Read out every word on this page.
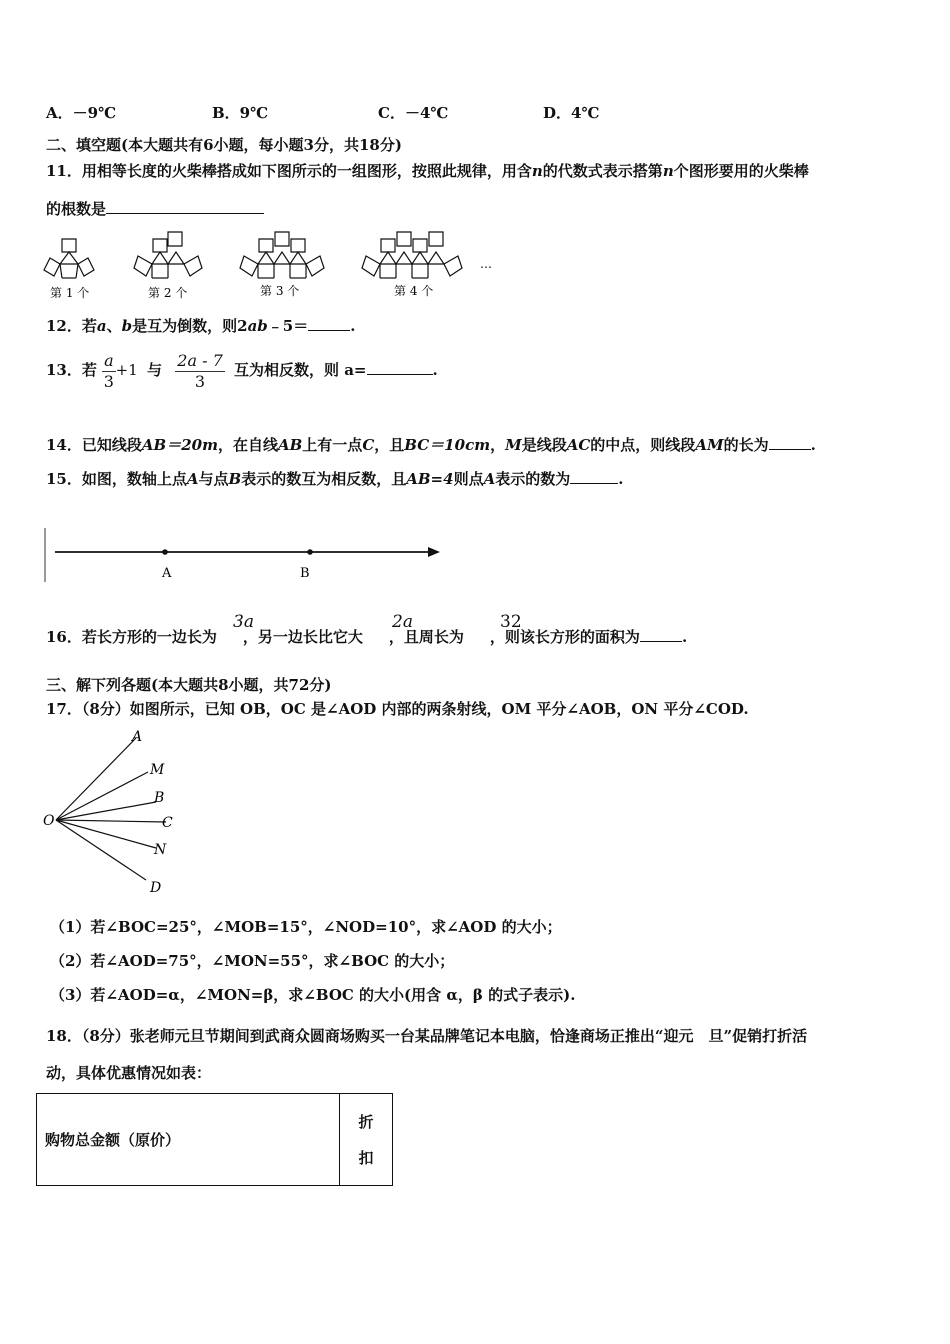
A．－9℃	B．9℃	C．－4℃	D．4℃
二、填空题(本大题共有6小题，每小题3分，共18分)
11．用相等长度的火柴棒搭成如下图所示的一组图形，按照此规律，用含n的代数式表示搭第n个图形要用的火柴棒
的根数是
第 1 个	第 2 个	第 3 个	第 4 个
…
12．若a、b是互为倒数，则2ab﹣5＝	.
13．若 $\frac{a}{3} +1$ 与 $\frac{2a - 7}{3}$ 互为相反数，则 a=	.
14．已知线段AB＝20m，在自线AB上有一点C，且BC＝10cm，M是线段AC的中点，则线段AM的长为	.
15．如图，数轴上点A与点B表示的数互为相反数，且AB=4则点A表示的数为	.
A	B
16．若长方形的一边长为 ，另一边长比它大 ，且周长为 ，则该长方形的面积为	.
3a	2a	32
三、解下列各题(本大题共8小题，共72分)
17．（8分）如图所示，已知 OB，OC 是∠AOD 内部的两条射线，OM 平分∠AOB，ON 平分∠COD.
A
M
B
C
N
D
O
（1）若∠BOC=25°，∠MOB=15°，∠NOD=10°，求∠AOD 的大小；
（2）若∠AOD=75°，∠MON=55°，求∠BOC 的大小；
（3）若∠AOD=α，∠MON=β，求∠BOC 的大小(用含 α，β 的式子表示).
18．（8分）张老师元旦节期间到武商众圆商场购买一台某品牌笔记本电脑，恰逢商场正推出“迎元　旦”促销打折活
动，具体优惠情况如表：
购物总金额（原价）	折
扣
